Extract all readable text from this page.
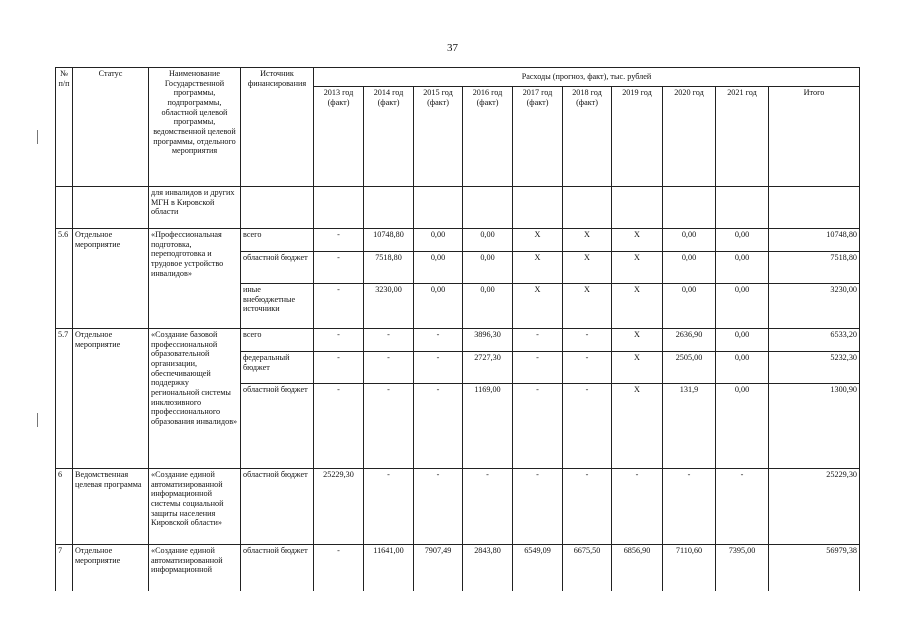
37
№ п/п	Статус	Наименование Государственной программы, подпрограммы, областной целевой программы, ведомственной целевой программы, отдельного мероприятия	Источник финансирования	Расходы (прогноз, факт), тыс. рублей									
				2013 год (факт)	2014 год (факт)	2015 год (факт)	2016 год (факт)	2017 год (факт)	2018 год (факт)	2019 год	2020 год	2021 год	Итого
		для инвалидов и других МГН в Кировской области											
5.6	Отдельное мероприятие	«Профессиональная подготовка, переподготовка и трудовое устройство инвалидов»	всего	-	10748,80	0,00	0,00	X	X	X	0,00	0,00	10748,80
			областной бюджет	-	7518,80	0,00	0,00	X	X	X	0,00	0,00	7518,80
			иные внебюджетные источники	-	3230,00	0,00	0,00	X	X	X	0,00	0,00	3230,00
5.7	Отдельное мероприятие	«Создание базовой профессиональной образовательной организации, обеспечивающей поддержку региональной системы инклюзивного профессионального образования инвалидов»	всего	-	-	-	3896,30	-	-	X	2636,90	0,00	6533,20
			федеральный бюджет	-	-	-	2727,30	-	-	X	2505,00	0,00	5232,30
			областной бюджет	-	-	-	1169,00	-	-	X	131,9	0,00	1300,90
6	Ведомственная целевая программа	«Создание единой автоматизированной информационной системы социальной защиты населения Кировской области»	областной бюджет	25229,30	-	-	-	-	-	-	-	-	25229,30
7	Отдельное мероприятие	«Создание единой автоматизированной информационной	областной бюджет	-	11641,00	7907,49	2843,80	6549,09	6675,50	6856,90	7110,60	7395,00	56979,38
